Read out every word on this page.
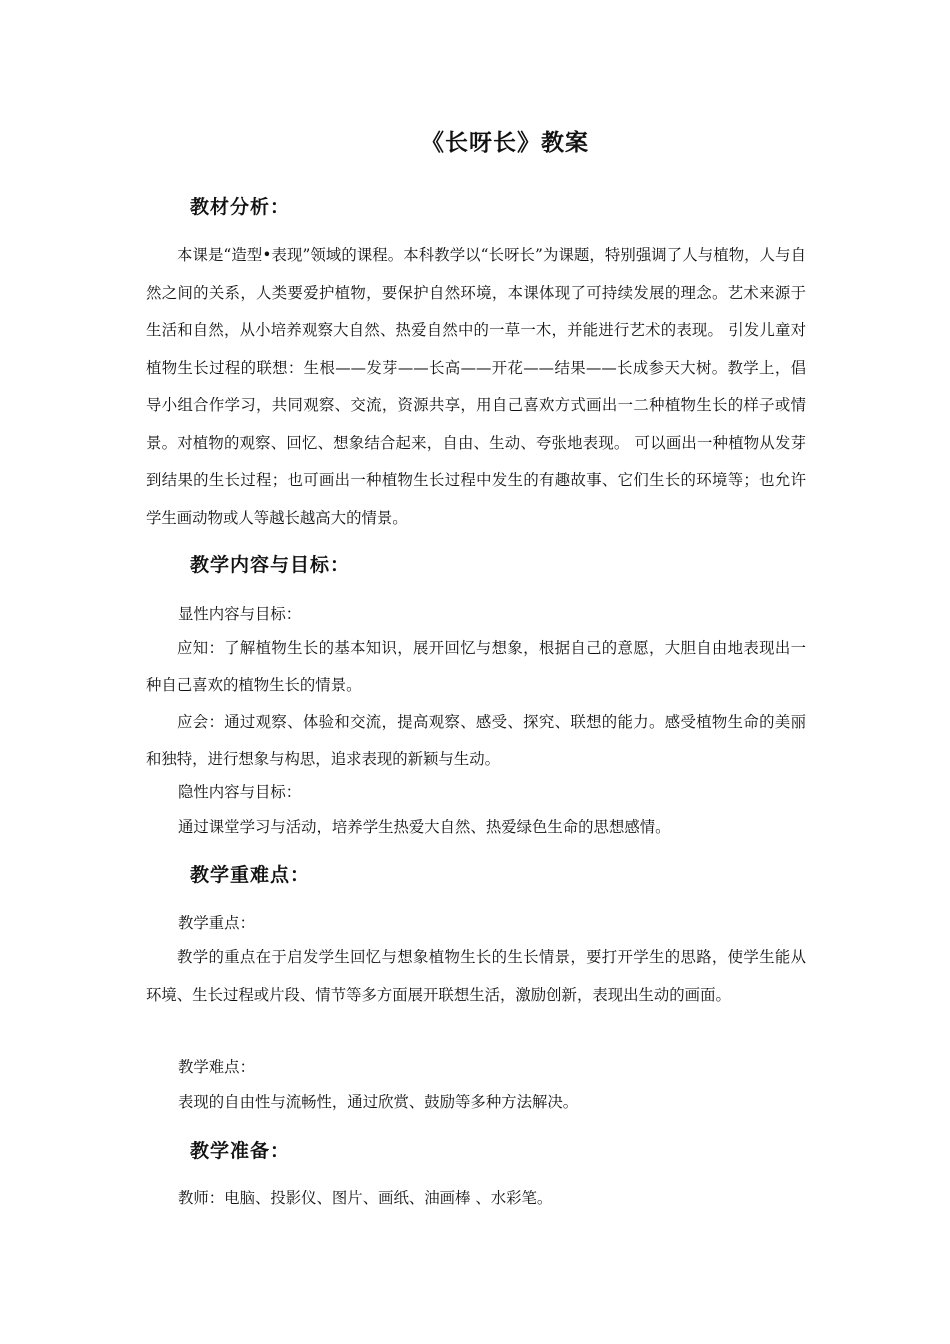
《长呀长》教案
教材分析：

本课是“造型•表现”领域的课程。本科教学以“长呀长”为课题，特别强调了人与植物，人与自然之间的关系，人类要爱护植物，要保护自然环境，本课体现了可持续发展的理念。艺术来源于生活和自然，从小培养观察大自然、热爱自然中的一草一木，并能进行艺术的表现。 引发儿童对植物生长过程的联想：生根——发芽——长高——开花——结果——长成参天大树。教学上，倡导小组合作学习，共同观察、交流，资源共享，用自己喜欢方式画出一二种植物生长的样子或情景。对植物的观察、回忆、想象结合起来，自由、生动、夸张地表现。 可以画出一种植物从发芽到结果的生长过程；也可画出一种植物生长过程中发生的有趣故事、它们生长的环境等；也允许学生画动物或人等越长越高大的情景。

教学内容与目标：
显性内容与目标：

应知：了解植物生长的基本知识，展开回忆与想象，根据自己的意愿，大胆自由地表现出一种自己喜欢的植物生长的情景。

应会：通过观察、体验和交流，提高观察、感受、探究、联想的能力。感受植物生命的美丽和独特，进行想象与构思，追求表现的新颖与生动。

隐性内容与目标：
通过课堂学习与活动，培养学生热爱大自然、热爱绿色生命的思想感情。
教学重难点：
教学重点：

教学的重点在于启发学生回忆与想象植物生长的生长情景，要打开学生的思路，使学生能从环境、生长过程或片段、情节等多方面展开联想生活，激励创新，表现出生动的画面。

教学难点：
表现的自由性与流畅性，通过欣赏、鼓励等多种方法解决。
教学准备：
教师：电脑、投影仪、图片、画纸、油画棒 、水彩笔。
